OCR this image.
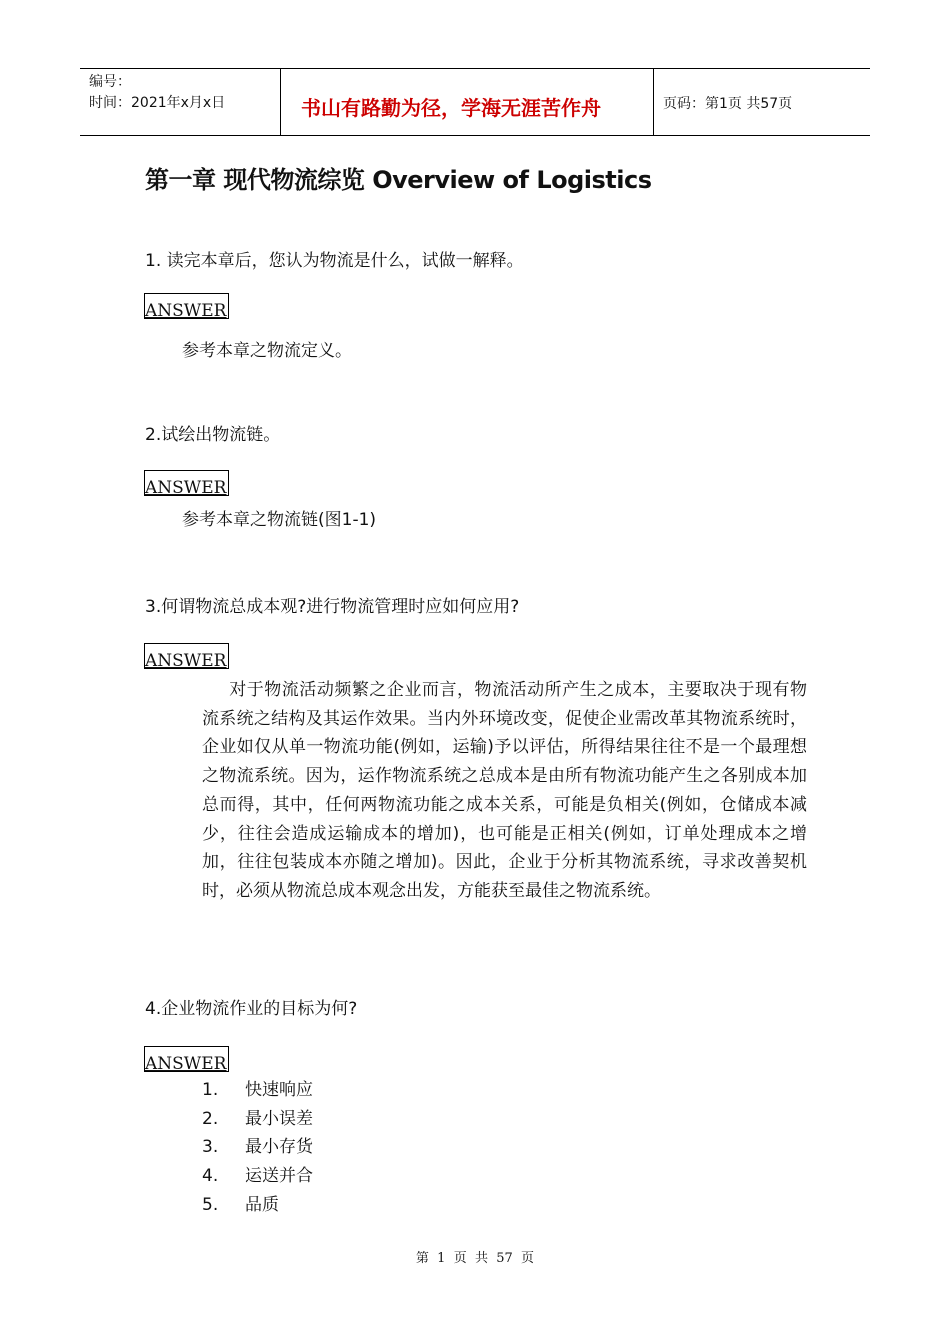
编号：
时间：2021年x月x日	书山有路勤为径，学海无涯苦作舟	页码：第1页 共57页
第一章 现代物流综览 Overview of Logistics
1. 读完本章后，您认为物流是什么，试做一解释。
ANSWER
参考本章之物流定义。
2.试绘出物流链。
ANSWER
参考本章之物流链(图1-1)
3.何谓物流总成本观?进行物流管理时应如何应用?
ANSWER

对于物流活动频繁之企业而言，物流活动所产生之成本，主要取决于现有物流系统之结构及其运作效果。当内外环境改变，促使企业需改革其物流系统时，企业如仅从单一物流功能(例如，运输)予以评估，所得结果往往不是一个最理想之物流系统。因为，运作物流系统之总成本是由所有物流功能产生之各别成本加总而得，其中，任何两物流功能之成本关系，可能是负相关(例如，仓储成本减少，往往会造成运输成本的增加)，也可能是正相关(例如，订单处理成本之增加，往往包装成本亦随之增加)。因此，企业于分析其物流系统，寻求改善契机时，必须从物流总成本观念出发，方能获至最佳之物流系统。

4.企业物流作业的目标为何?
ANSWER
1. 快速响应
2. 最小误差
3. 最小存货
4. 运送并合
5. 品质
第  1  页  共  57  页
